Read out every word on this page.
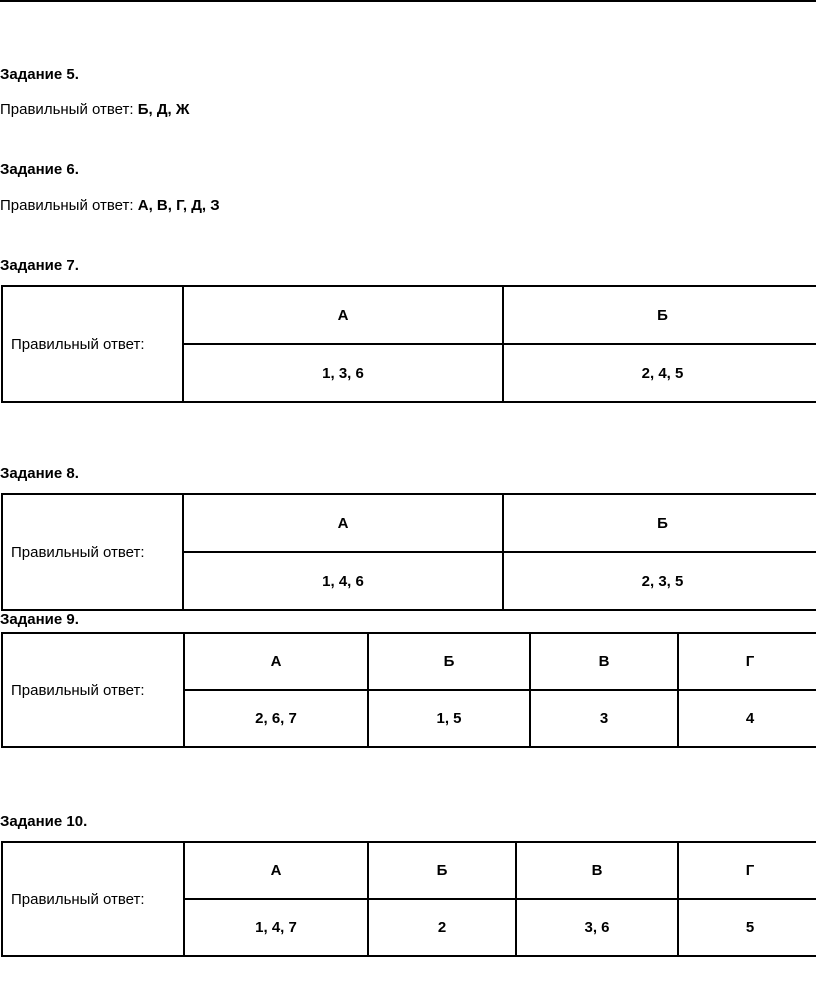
Задание 5.
Правильный ответ: Б, Д, Ж
Задание 6.
Правильный ответ: А, В, Г, Д, З
Задание 7.
Правильный ответ:	А	Б
	1, 3, 6	2, 4, 5
Задание 8.
Правильный ответ:	А	Б
	1, 4, 6	2, 3, 5
Задание 9.
Правильный ответ:	А	Б	В	Г
	2, 6, 7	1, 5	3	4
Задание 10.
Правильный ответ:	А	Б	В	Г
	1, 4, 7	2	3, 6	5
